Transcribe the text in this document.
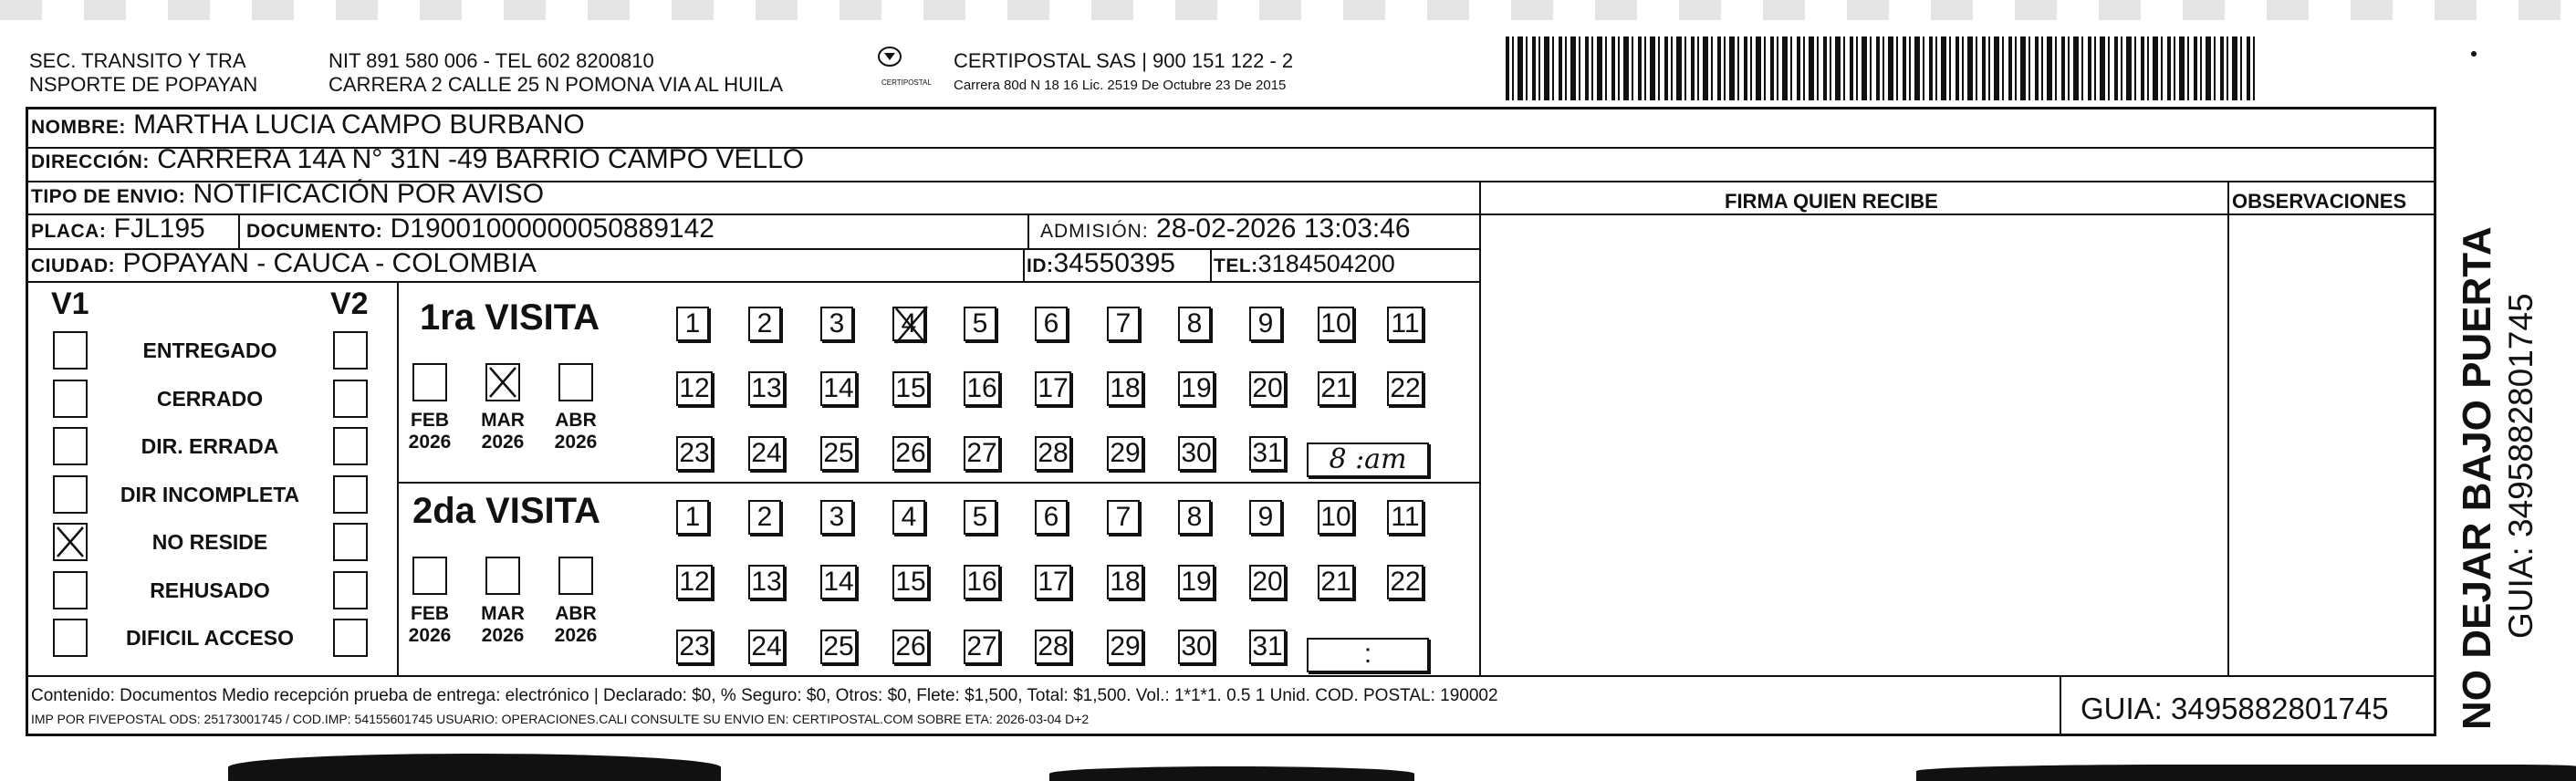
SEC. TRANSITO Y TRA
NSPORTE DE POPAYAN
NIT 891 580 006 - TEL 602 8200810
CARRERA 2 CALLE 25 N POMONA VIA AL HUILA	CERTIPOSTAL
CERTIPOSTAL SAS | 900 151 122 - 2
Carrera 80d N 18 16 Lic. 2519 De Octubre 23 De 2015
NOMBRE: MARTHA LUCIA CAMPO BURBANO
DIRECCIÓN: CARRERA 14A N° 31N -49 BARRIO CAMPO VELLO
TIPO DE ENVIO: NOTIFICACIÓN POR AVISO	FIRMA QUIEN RECIBE	OBSERVACIONES
PLACA: FJL195 DOCUMENTO: D19001000000050889142	ADMISIÓN: 28-02-2026 13:03:46
CIUDAD: POPAYAN - CAUCA - COLOMBIA	ID:34550395 TEL:3184504200
V1	V2
ENTREGADO
CERRADO
DIR. ERRADA
DIR INCOMPLETA
NO RESIDE
REHUSADO
DIFICIL ACCESO
1ra VISITA
2da VISITA
FEB
2026
MAR
2026
ABR
2026
1	2	3	4	5	6	7	8	9	10 11
12 13 14 15 16 17 18 19 20 21 22
23 24 25 26 27 28 29 30 31
FEB
2026
MAR
2026
ABR
2026
1	2	3	4	5	6	7	8	9	10 11
12 13 14 15 16 17 18 19 20 21 22
23 24 25 26 27 28 29 30 31
8 :am
:
Contenido: Documentos Medio recepción prueba de entrega: electrónico | Declarado: $0, % Seguro: $0, Otros: $0, Flete: $1,500, Total: $1,500. Vol.: 1*1*1. 0.5 1 Unid. COD. POSTAL: 190002
IMP POR FIVEPOSTAL ODS: 25173001745 / COD.IMP: 54155601745 USUARIO: OPERACIONES.CALI CONSULTE SU ENVIO EN: CERTIPOSTAL.COM SOBRE ETA: 2026-03-04 D+2	GUIA: 3495882801745 NO DEJAR BAJO PUERTA GUIA: 3495882801745
